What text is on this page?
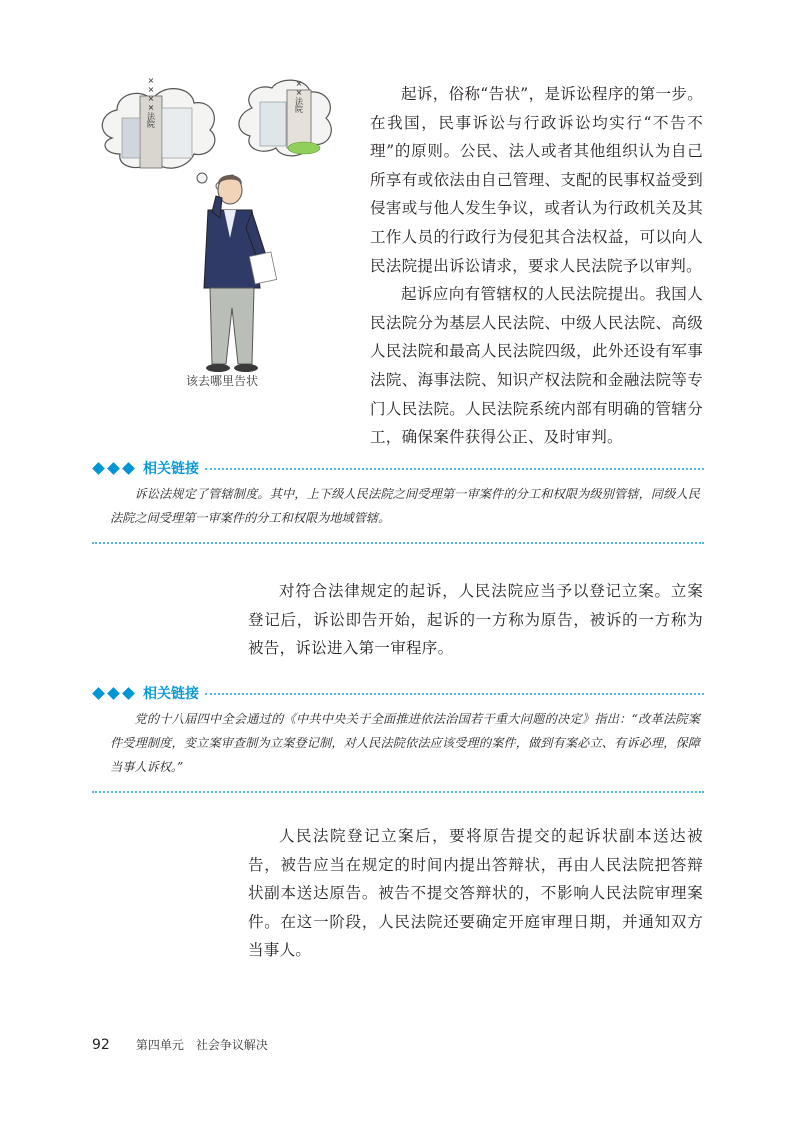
××××法院	××法院
该去哪里告状

起诉，俗称“告状”，是诉讼程序的第一步。在我国，民事诉讼与行政诉讼均实行“不告不理”的原则。公民、法人或者其他组织认为自己所享有或依法由自己管理、支配的民事权益受到侵害或与他人发生争议，或者认为行政机关及其工作人员的行政行为侵犯其合法权益，可以向人民法院提出诉讼请求，要求人民法院予以审判。

起诉应向有管辖权的人民法院提出。我国人民法院分为基层人民法院、中级人民法院、高级人民法院和最高人民法院四级，此外还设有军事法院、海事法院、知识产权法院和金融法院等专门人民法院。人民法院系统内部有明确的管辖分工，确保案件获得公正、及时审判。

相关链接

诉讼法规定了管辖制度。其中，上下级人民法院之间受理第一审案件的分工和权限为级别管辖，同级人民法院之间受理第一审案件的分工和权限为地域管辖。

对符合法律规定的起诉，人民法院应当予以登记立案。立案登记后，诉讼即告开始，起诉的一方称为原告，被诉的一方称为被告，诉讼进入第一审程序。

相关链接

党的十八届四中全会通过的《中共中央关于全面推进依法治国若干重大问题的决定》指出：“改革法院案件受理制度，变立案审查制为立案登记制，对人民法院依法应该受理的案件，做到有案必立、有诉必理，保障当事人诉权。”

人民法院登记立案后，要将原告提交的起诉状副本送达被告，被告应当在规定的时间内提出答辩状，再由人民法院把答辩状副本送达原告。被告不提交答辩状的，不影响人民法院审理案件。在这一阶段，人民法院还要确定开庭审理日期，并通知双方当事人。

92 第四单元　社会争议解决
